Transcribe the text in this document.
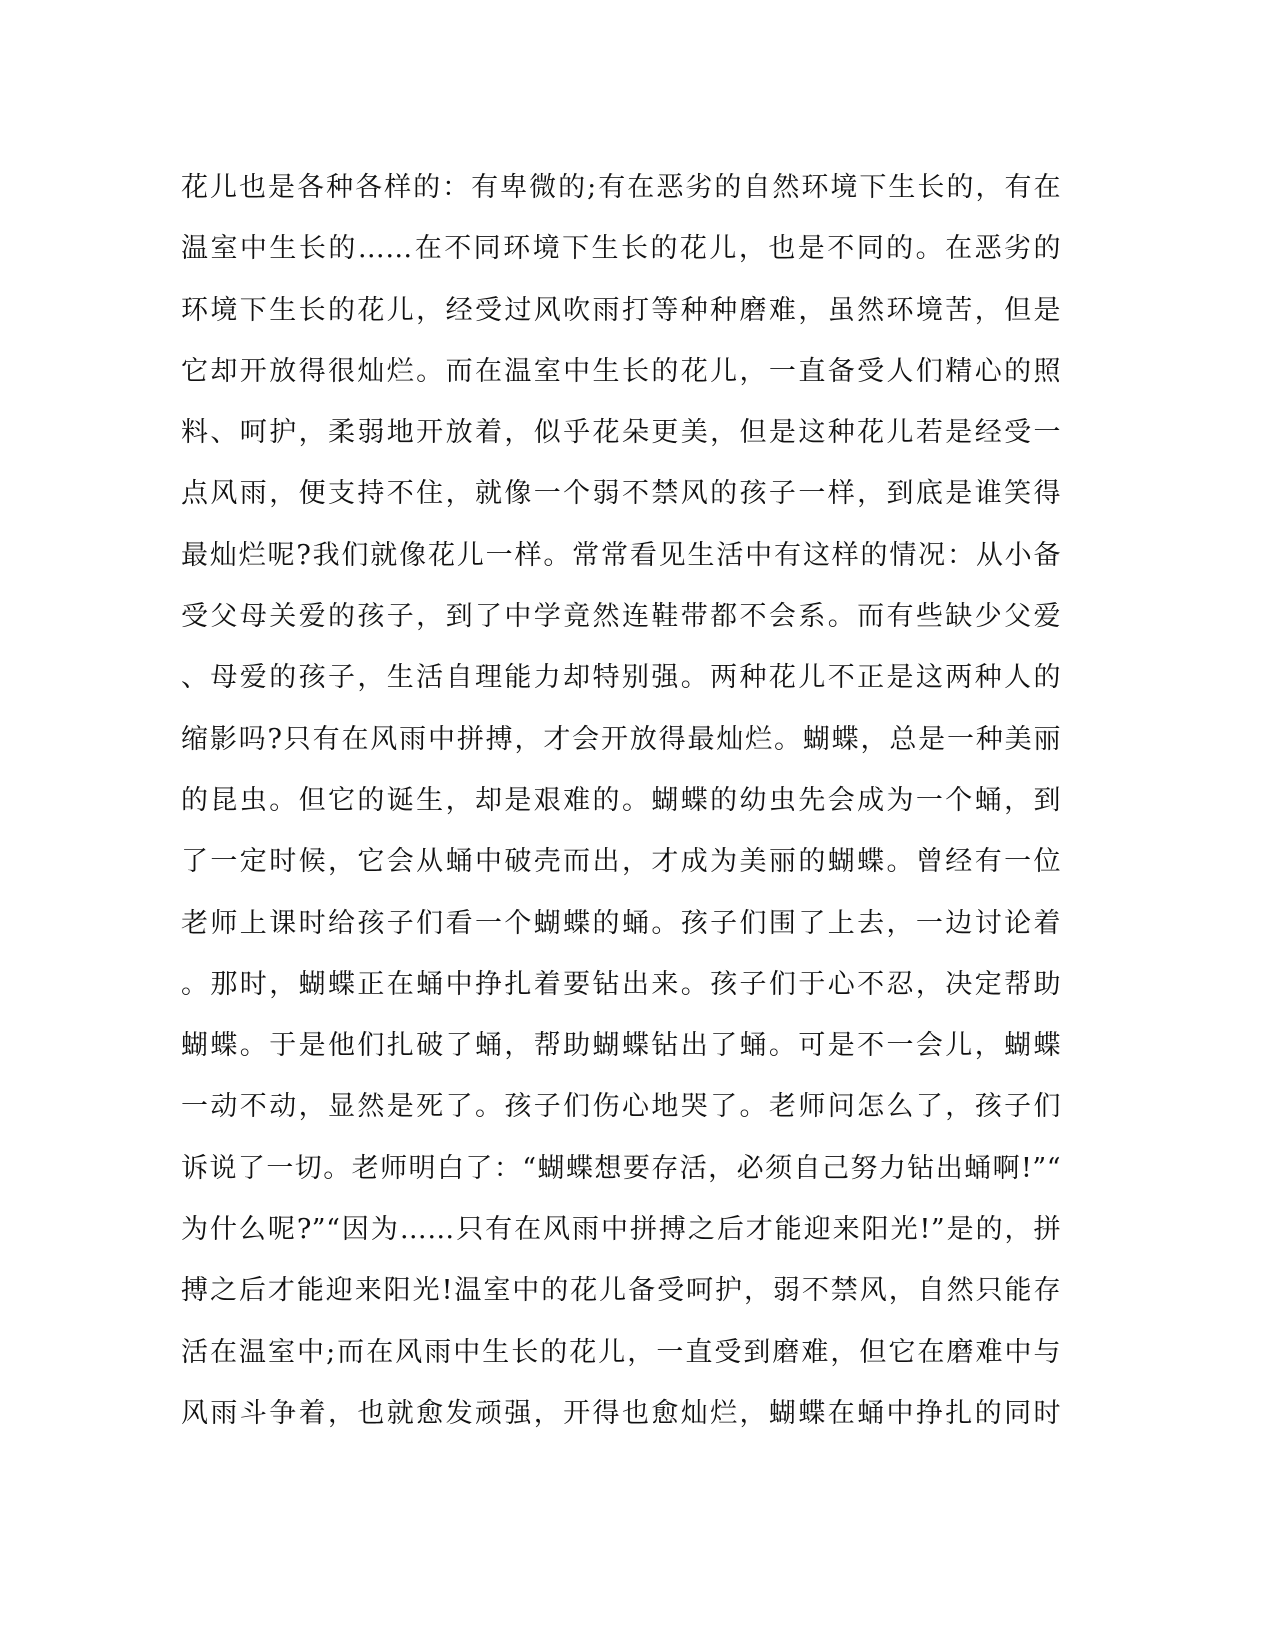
花儿也是各种各样的：有卑微的;有在恶劣的自然环境下生长的，有在
温室中生长的……在不同环境下生长的花儿，也是不同的。在恶劣的
环境下生长的花儿，经受过风吹雨打等种种磨难，虽然环境苦，但是
它却开放得很灿烂。而在温室中生长的花儿，一直备受人们精心的照
料、呵护，柔弱地开放着，似乎花朵更美，但是这种花儿若是经受一
点风雨，便支持不住，就像一个弱不禁风的孩子一样，到底是谁笑得
最灿烂呢?我们就像花儿一样。常常看见生活中有这样的情况：从小备
受父母关爱的孩子，到了中学竟然连鞋带都不会系。而有些缺少父爱
、母爱的孩子，生活自理能力却特别强。两种花儿不正是这两种人的
缩影吗?只有在风雨中拼搏，才会开放得最灿烂。蝴蝶，总是一种美丽
的昆虫。但它的诞生，却是艰难的。蝴蝶的幼虫先会成为一个蛹，到
了一定时候，它会从蛹中破壳而出，才成为美丽的蝴蝶。曾经有一位
老师上课时给孩子们看一个蝴蝶的蛹。孩子们围了上去，一边讨论着
。那时，蝴蝶正在蛹中挣扎着要钻出来。孩子们于心不忍，决定帮助
蝴蝶。于是他们扎破了蛹，帮助蝴蝶钻出了蛹。可是不一会儿，蝴蝶
一动不动，显然是死了。孩子们伤心地哭了。老师问怎么了，孩子们
诉说了一切。老师明白了：“蝴蝶想要存活，必须自己努力钻出蛹啊!”“
为什么呢?”“因为……只有在风雨中拼搏之后才能迎来阳光!”是的，拼
搏之后才能迎来阳光!温室中的花儿备受呵护，弱不禁风，自然只能存
活在温室中;而在风雨中生长的花儿，一直受到磨难，但它在磨难中与
风雨斗争着，也就愈发顽强，开得也愈灿烂，蝴蝶在蛹中挣扎的同时
